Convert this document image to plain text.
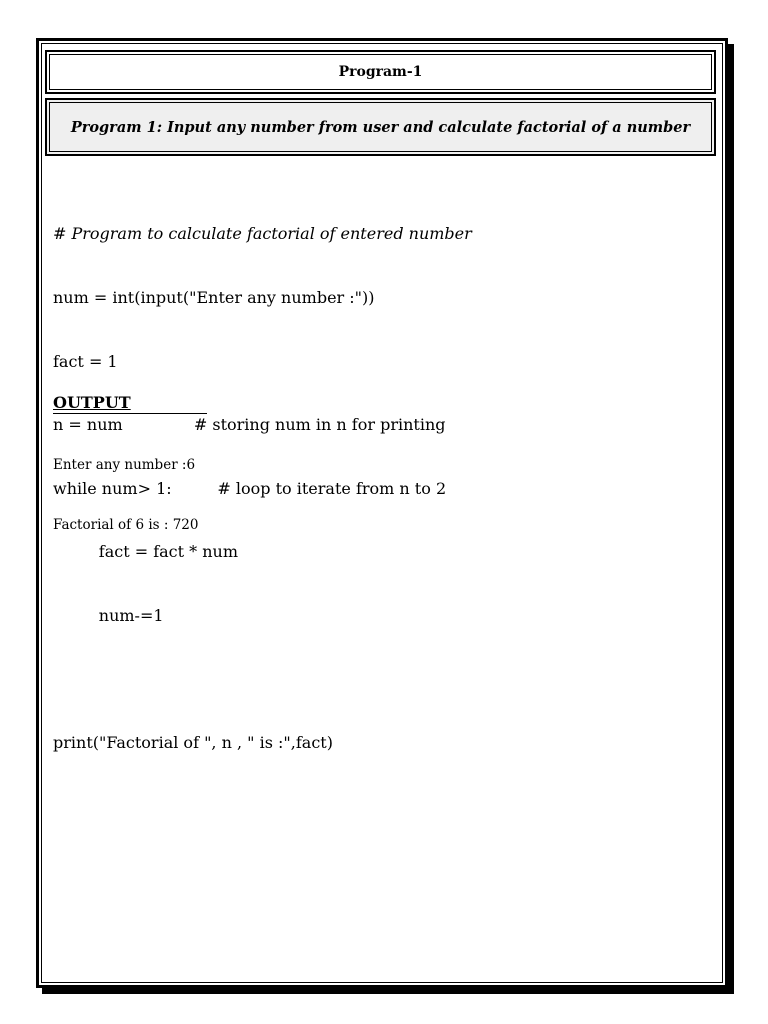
Program-1
Program 1: Input any number from user and calculate factorial of a number

# Program to calculate factorial of entered number

num = int(input("Enter any number :"))

fact = 1

n = num              # storing num in n for printing

while num> 1:         # loop to iterate from n to 2

fact = fact * num

num-=1

print("Factorial of ", n , " is :",fact)

OUTPUT

Enter any number :6

Factorial of 6 is : 720
